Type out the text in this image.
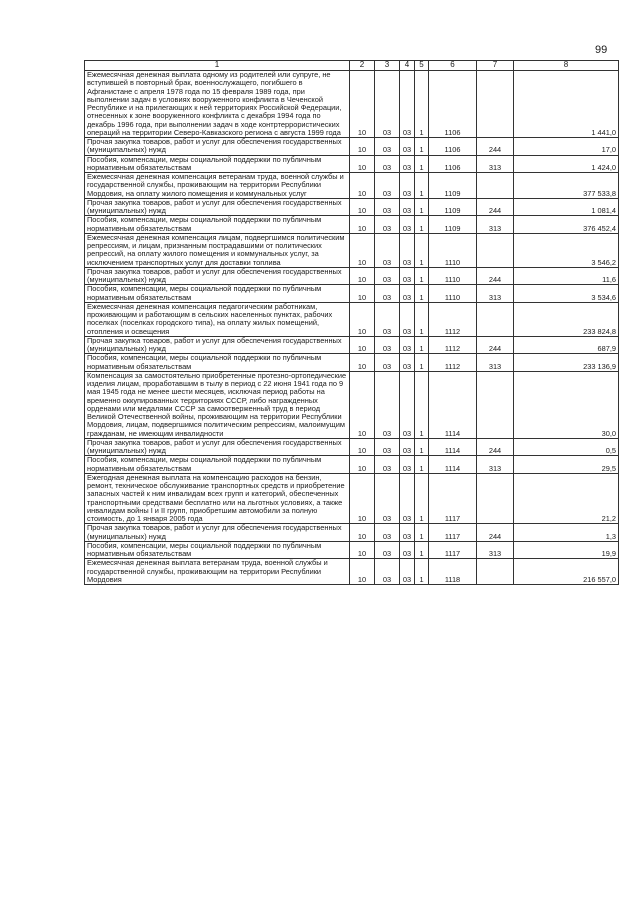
99
1	2	3	4	5	6	7	8
Ежемесячная денежная выплата одному из родителей или супруге, не вступившей в повторный брак, военнослужащего, погибшего в Афганистане с апреля 1978 года по 15 февраля 1989 года, при выполнении задач в условиях вооруженного конфликта в Чеченской Республике и на прилегающих к ней территориях Российской Федерации, отнесенных к зоне вооруженного конфликта с декабря 1994 года по декабрь 1996 года, при выполнении задач в ходе контртеррористических операций на территории Северо-Кавказского региона с августа 1999 года	10	03	03	1	1106		1 441,0
Прочая закупка товаров, работ и услуг для обеспечения государственных (муниципальных) нужд	10	03	03	1	1106	244	17,0
Пособия, компенсации, меры социальной поддержки по публичным нормативным обязательствам	10	03	03	1	1106	313	1 424,0
Ежемесячная денежная компенсация ветеранам труда, военной службы и государственной службы, проживающим на территории Республики Мордовия, на оплату жилого помещения и коммунальных услуг	10	03	03	1	1109		377 533,8
Прочая закупка товаров, работ и услуг для обеспечения государственных (муниципальных) нужд	10	03	03	1	1109	244	1 081,4
Пособия, компенсации, меры социальной поддержки по публичным нормативным обязательствам	10	03	03	1	1109	313	376 452,4
Ежемесячная денежная компенсация лицам, подвергшимся политическим репрессиям, и лицам, признанным пострадавшими от политических репрессий, на оплату жилого помещения и коммунальных услуг, за исключением транспортных услуг для доставки топлива	10	03	03	1	1110		3 546,2
Прочая закупка товаров, работ и услуг для обеспечения государственных (муниципальных) нужд	10	03	03	1	1110	244	11,6
Пособия, компенсации, меры социальной поддержки по публичным нормативным обязательствам	10	03	03	1	1110	313	3 534,6
Ежемесячная денежная компенсация педагогическим работникам, проживающим и работающим в сельских населенных пунктах, рабочих поселках (поселках городского типа), на оплату жилых помещений, отопления и освещения	10	03	03	1	1112		233 824,8
Прочая закупка товаров, работ и услуг для обеспечения государственных (муниципальных) нужд	10	03	03	1	1112	244	687,9
Пособия, компенсации, меры социальной поддержки по публичным нормативным обязательствам	10	03	03	1	1112	313	233 136,9
Компенсация за самостоятельно приобретенные протезно-ортопедические изделия лицам, проработавшим в тылу в период с 22 июня 1941 года по 9 мая 1945 года не менее шести месяцев, исключая период работы на временно оккупированных территориях СССР, либо награжденных орденами или медалями СССР за самоотверженный труд в период Великой Отечественной войны, проживающим на территории Республики Мордовия, лицам, подвергшимся политическим репрессиям, малоимущим гражданам, не имеющим инвалидности	10	03	03	1	1114		30,0
Прочая закупка товаров, работ и услуг для обеспечения государственных (муниципальных) нужд	10	03	03	1	1114	244	0,5
Пособия, компенсации, меры социальной поддержки по публичным нормативным обязательствам	10	03	03	1	1114	313	29,5
Ежегодная денежная выплата на компенсацию расходов на бензин, ремонт, техническое обслуживание транспортных средств и приобретение запасных частей к ним инвалидам всех групп и категорий, обеспеченных транспортными средствами бесплатно или на льготных условиях, а также инвалидам войны I и II групп, приобретшим автомобили за полную стоимость, до 1 января 2005 года	10	03	03	1	1117		21,2
Прочая закупка товаров, работ и услуг для обеспечения государственных (муниципальных) нужд	10	03	03	1	1117	244	1,3
Пособия, компенсации, меры социальной поддержки по публичным нормативным обязательствам	10	03	03	1	1117	313	19,9
Ежемесячная денежная выплата ветеранам труда, военной службы и государственной службы, проживающим на территории Республики Мордовия	10	03	03	1	1118		216 557,0
